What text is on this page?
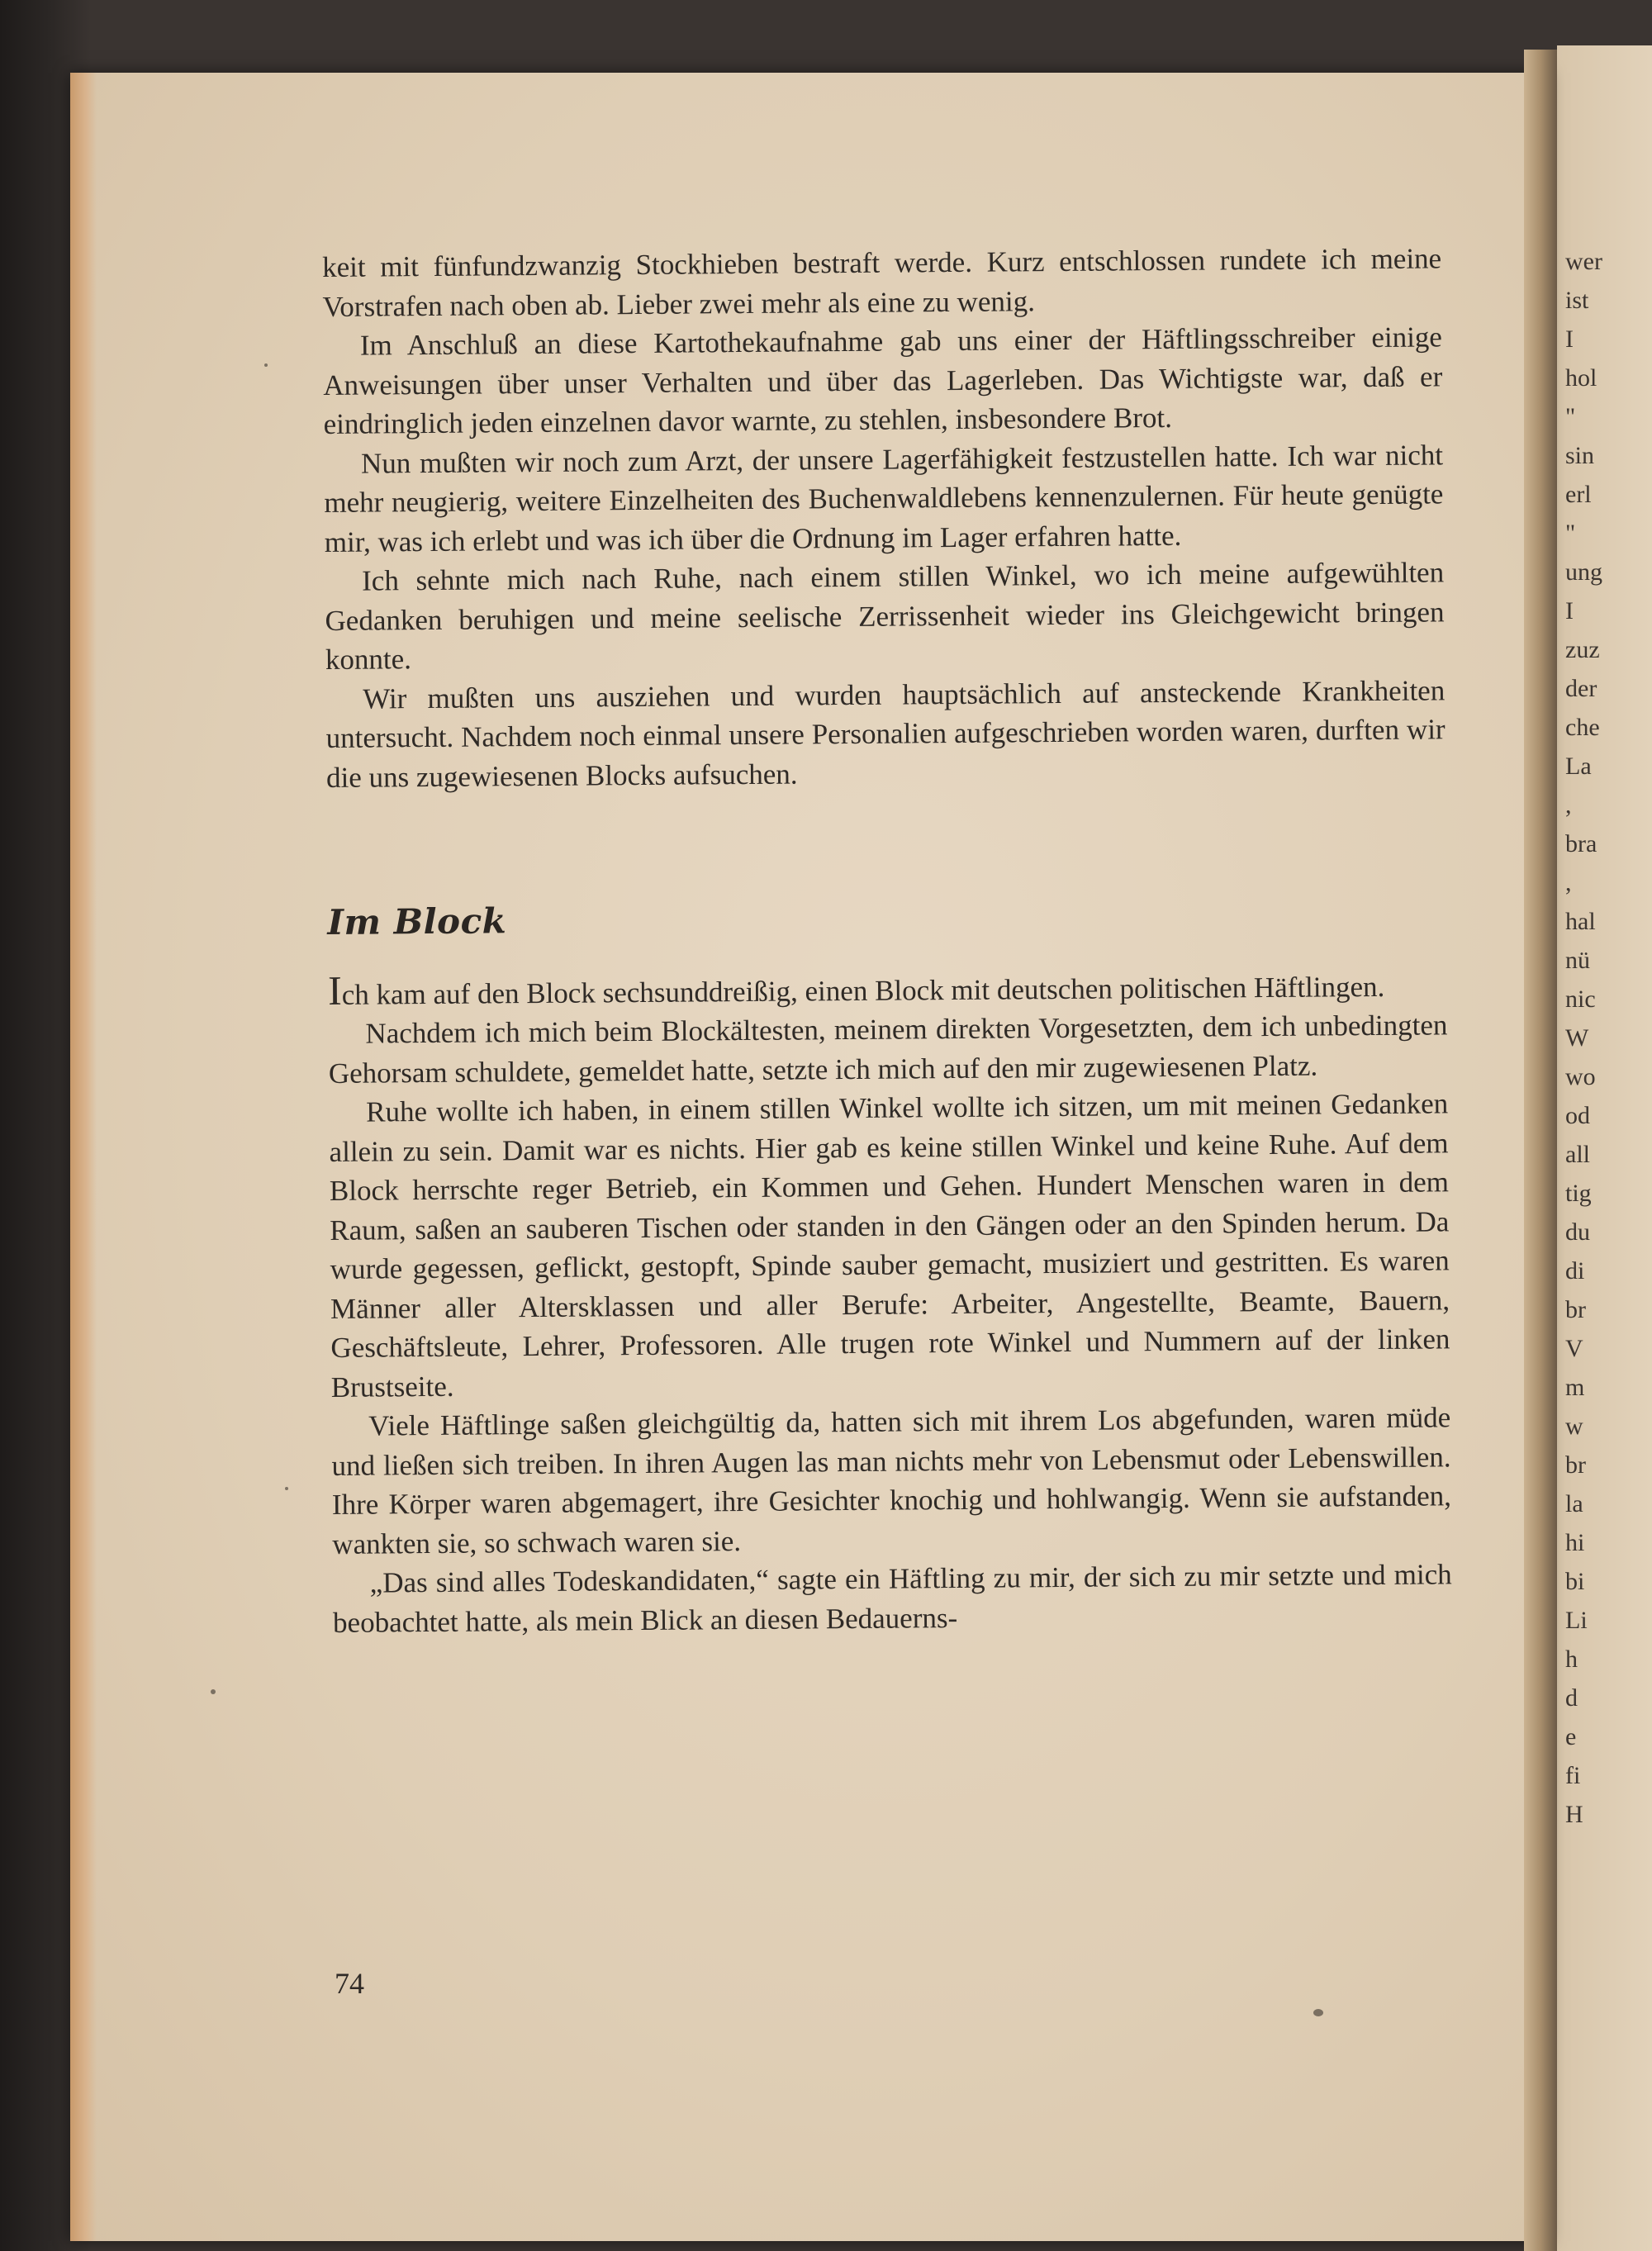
wer
ist
I
hol
"
sin
erl
"
ung
I
zuz
der
che
La
,
bra
,
hal
nü
nic
W
wo
od
all
tig
du
di
br
V
m
w
br
la
hi
bi
Li
h
d
e
fi
H

keit mit fünfundzwanzig Stockhieben bestraft werde. Kurz entschlossen rundete ich meine Vorstrafen nach oben ab. Lieber zwei mehr als eine zu wenig.

Im Anschluß an diese Kartothekaufnahme gab uns einer der Häftlingsschreiber einige Anweisungen über unser Verhalten und über das Lagerleben. Das Wichtigste war, daß er eindringlich jeden einzelnen davor warnte, zu stehlen, insbesondere Brot.

Nun mußten wir noch zum Arzt, der unsere Lagerfähigkeit festzustellen hatte. Ich war nicht mehr neugierig, weitere Einzelheiten des Buchenwaldlebens kennenzulernen. Für heute genügte mir, was ich erlebt und was ich über die Ordnung im Lager erfahren hatte.

Ich sehnte mich nach Ruhe, nach einem stillen Winkel, wo ich meine aufgewühlten Gedanken beruhigen und meine seelische Zerrissenheit wieder ins Gleichgewicht bringen konnte.

Wir mußten uns ausziehen und wurden hauptsächlich auf ansteckende Krankheiten untersucht. Nachdem noch einmal unsere Personalien aufgeschrieben worden waren, durften wir die uns zugewiesenen Blocks aufsuchen.

Im Block

Ich kam auf den Block sechsunddreißig, einen Block mit deutschen politischen Häftlingen.

Nachdem ich mich beim Blockältesten, meinem direkten Vorgesetzten, dem ich unbedingten Gehorsam schuldete, gemeldet hatte, setzte ich mich auf den mir zugewiesenen Platz.

Ruhe wollte ich haben, in einem stillen Winkel wollte ich sitzen, um mit meinen Gedanken allein zu sein. Damit war es nichts. Hier gab es keine stillen Winkel und keine Ruhe. Auf dem Block herrschte reger Betrieb, ein Kommen und Gehen. Hundert Menschen waren in dem Raum, saßen an sauberen Tischen oder standen in den Gängen oder an den Spinden herum. Da wurde gegessen, geflickt, gestopft, Spinde sauber gemacht, musiziert und gestritten. Es waren Männer aller Altersklassen und aller Berufe: Arbeiter, Angestellte, Beamte, Bauern, Geschäftsleute, Lehrer, Professoren. Alle trugen rote Winkel und Nummern auf der linken Brustseite.

Viele Häftlinge saßen gleichgültig da, hatten sich mit ihrem Los abgefunden, waren müde und ließen sich treiben. In ihren Augen las man nichts mehr von Lebensmut oder Lebenswillen. Ihre Körper waren abgemagert, ihre Gesichter knochig und hohlwangig. Wenn sie aufstanden, wankten sie, so schwach waren sie.

„Das sind alles Todeskandidaten,“ sagte ein Häftling zu mir, der sich zu mir setzte und mich beobachtet hatte, als mein Blick an diesen Bedauerns-

74
